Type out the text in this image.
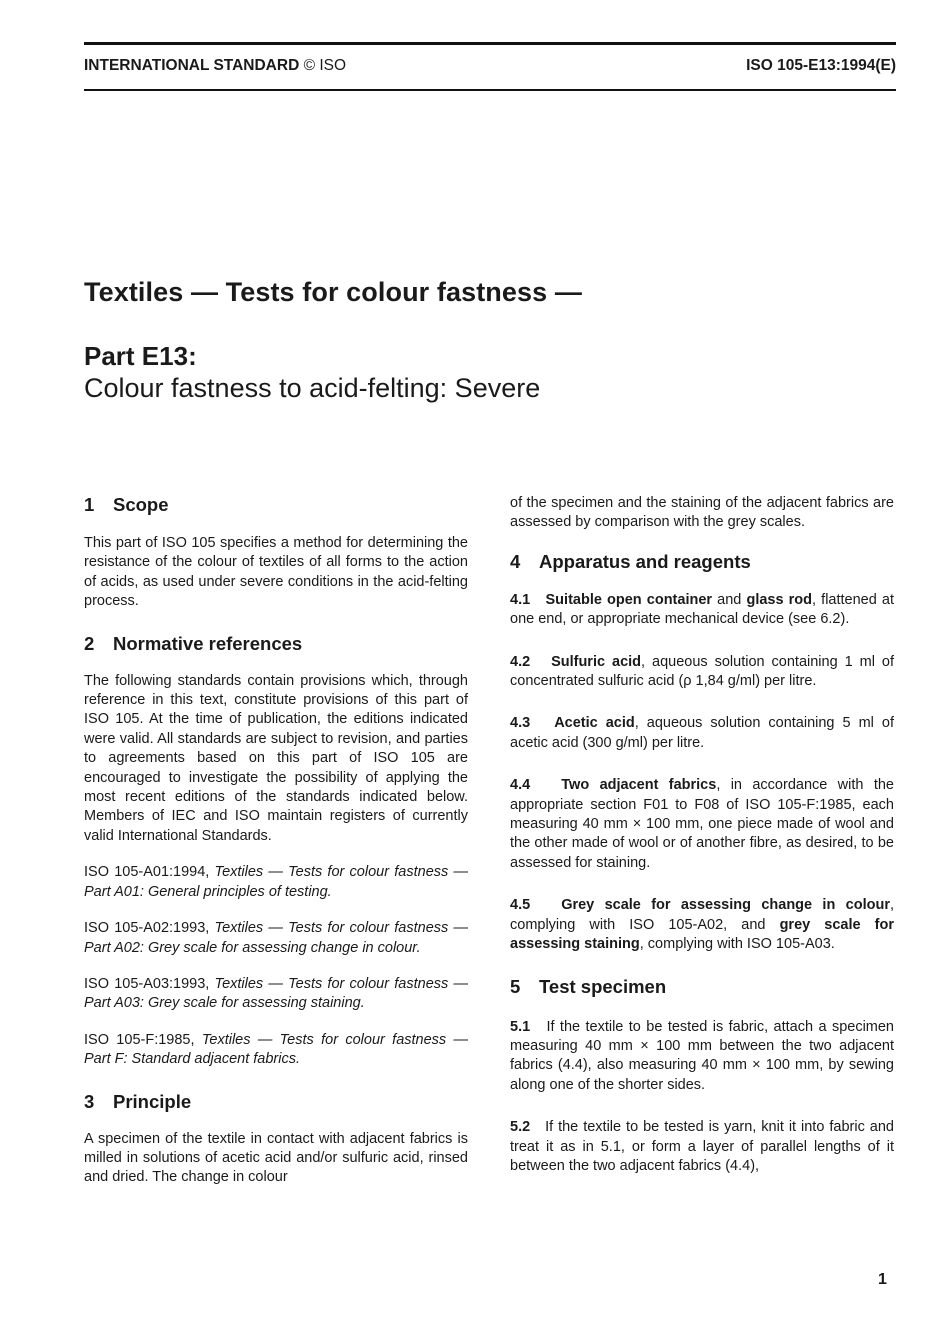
INTERNATIONAL STANDARD © ISO	ISO 105-E13:1994(E)
Textiles — Tests for colour fastness —
Part E13:
Colour fastness to acid-felting: Severe
1 Scope

This part of ISO 105 specifies a method for determining the resistance of the colour of textiles of all forms to the action of acids, as used under severe conditions in the acid-felting process.

2 Normative references

The following standards contain provisions which, through reference in this text, constitute provisions of this part of ISO 105. At the time of publication, the editions indicated were valid. All standards are subject to revision, and parties to agreements based on this part of ISO 105 are encouraged to investigate the possibility of applying the most recent editions of the standards indicated below. Members of IEC and ISO maintain registers of currently valid International Standards.

ISO 105-A01:1994, Textiles — Tests for colour fastness — Part A01: General principles of testing.

ISO 105-A02:1993, Textiles — Tests for colour fastness — Part A02: Grey scale for assessing change in colour.

ISO 105-A03:1993, Textiles — Tests for colour fastness — Part A03: Grey scale for assessing staining.

ISO 105-F:1985, Textiles — Tests for colour fastness — Part F: Standard adjacent fabrics.

3 Principle

A specimen of the textile in contact with adjacent fabrics is milled in solutions of acetic acid and/or sulfuric acid, rinsed and dried. The change in colour

of the specimen and the staining of the adjacent fabrics are assessed by comparison with the grey scales.

4 Apparatus and reagents

4.1 Suitable open container and glass rod, flattened at one end, or appropriate mechanical device (see 6.2).

4.2 Sulfuric acid, aqueous solution containing 1 ml of concentrated sulfuric acid (ρ 1,84 g/ml) per litre.

4.3 Acetic acid, aqueous solution containing 5 ml of acetic acid (300 g/ml) per litre.

4.4 Two adjacent fabrics, in accordance with the appropriate section F01 to F08 of ISO 105-F:1985, each measuring 40 mm × 100 mm, one piece made of wool and the other made of wool or of another fibre, as desired, to be assessed for staining.

4.5 Grey scale for assessing change in colour, complying with ISO 105-A02, and grey scale for assessing staining, complying with ISO 105-A03.

5 Test specimen

5.1 If the textile to be tested is fabric, attach a specimen measuring 40 mm × 100 mm between the two adjacent fabrics (4.4), also measuring 40 mm × 100 mm, by sewing along one of the shorter sides.

5.2 If the textile to be tested is yarn, knit it into fabric and treat it as in 5.1, or form a layer of parallel lengths of it between the two adjacent fabrics (4.4),

1
